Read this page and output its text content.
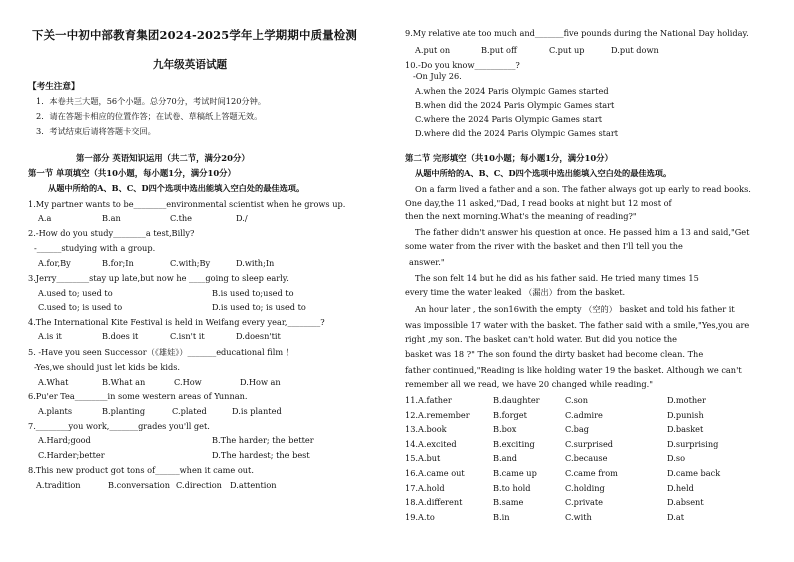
下关一中初中部教育集团2024-2025学年上学期期中质量检测
九年级英语试题
【考生注意】
1．本卷共三大题，56个小题。总分70分，考试时间120分钟。
2．请在答题卡相应的位置作答；在试卷、草稿纸上答题无效。
3．考试结束后请将答题卡交回。
第一部分 英语知识运用（共二节，满分20分）
第一节 单项填空（共10小题，每小题1分，满分10分）
从题中所给的A、B、C、D四个选项中选出能填入空白处的最佳选项。
1.My partner wants to be________environmental scientist when he grows up.
A.a	B.an	C.the	D./
2.-How do you study________a test,Billy?
-______studying with a group.
A.for,By	B.for;In	C.with;By	D.with;In
3.Jerry________stay up late,but now he ____going to sleep early.
A.used to; used to	B.is used to;used to
C.used to; is used to	D.is used to; is used to
4.The International Kite Festival is held in Weifang every year,________?
A.is it	B.does it	C.isn't it	D.doesn'tit
5. -Have you seen Successor（《雄娃》）_______educational film ！
-Yes,we should just let kids be kids.
A.What	B.What an	C.How	D.How an
6.Pu'er Tea________in some western areas of Yunnan.
A.plants	B.planting	C.plated	D.is planted
7.________you work,_______grades you'll get.
A.Hard;good	B.The harder; the better
C.Harder;better	D.The hardest; the best
8.This new product got tons of______when it came out.
A.tradition	B.conversation C.direction D.attention
9.My relative ate too much and_______five pounds during the National Day holiday.
A.put on	B.put off	C.put up	D.put down
10.-Do you know__________?
-On July 26.
A.when the 2024 Paris Olympic Games started
B.when did the 2024 Paris Olympic Games start
C.where the 2024 Paris Olympic Games start
D.where did the 2024 Paris Olympic Games start
第二节 完形填空（共10小题；每小题1分，满分10分）
从题中所给的A、B、C、D四个选项中选出能填入空白处的最佳选项。
On a farm lived a father and a son. The father always got up early to read books.
One day,the 11 asked,"Dad, I read books at night but 12 most of
then the next morning.What's the meaning of reading?"
The father didn't answer his question at once. He passed him a 13 and said,"Get
some water from the river with the basket and then I'll tell you the
answer."
The son felt 14 but he did as his father said. He tried many times 15
every time the water leaked （漏出）from the basket.
An hour later , the son16with the empty （空的） basket and told his father it
was impossible 17 water with the basket. The father said with a smile,"Yes,you are
right ,my son. The basket can't hold water. But did you notice the
basket was 18 ?" The son found the dirty basket had become clean. The
father continued,"Reading is like holding water 19 the basket. Although we can't
remember all we read, we have 20 changed while reading."
11.A.father	B.daughter	C.son	D.mother
12.A.remember	B.forget	C.admire	D.punish
13.A.book	B.box	C.bag	D.basket
14.A.excited	B.exciting	C.surprised	D.surprising
15.A.but	B.and	C.because	D.so
16.A.came out	B.came up	C.came from	D.came back
17.A.hold	B.to hold	C.holding	D.held
18.A.different	B.same	C.private	D.absent
19.A.to	B.in	C.with	D.at
